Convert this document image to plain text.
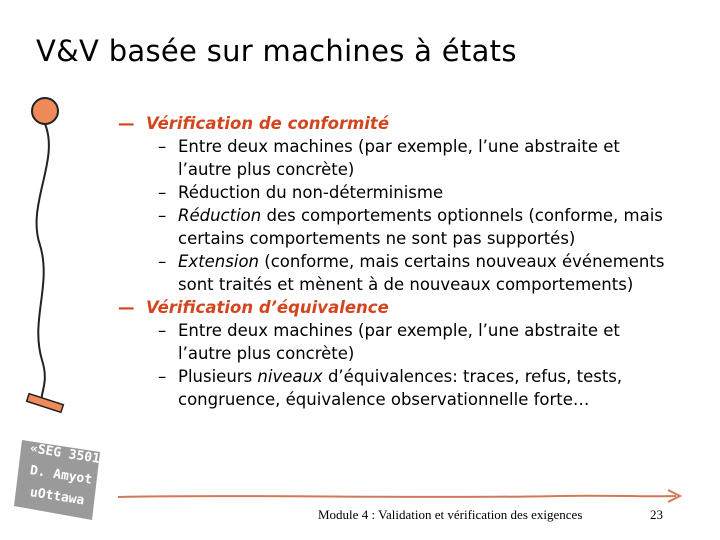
V&V basée sur machines à états
— Vérification de conformité
– Entre deux machines (par exemple, l’une abstraite et l’autre plus concrète)
– Réduction du non-déterminisme
– Réduction des comportements optionnels (conforme, mais certains comportements ne sont pas supportés)
– Extension (conforme, mais certains nouveaux événements sont traités et mènent à de nouveaux comportements)
— Vérification d’équivalence
– Entre deux machines (par exemple, l’une abstraite et l’autre plus concrète)
– Plusieurs niveaux d’équivalences: traces, refus, tests, congruence, équivalence observationnelle forte…
«SEG 3501»
D. Amyot
uOttawa
Module 4 : Validation et vérification des exigences	23
